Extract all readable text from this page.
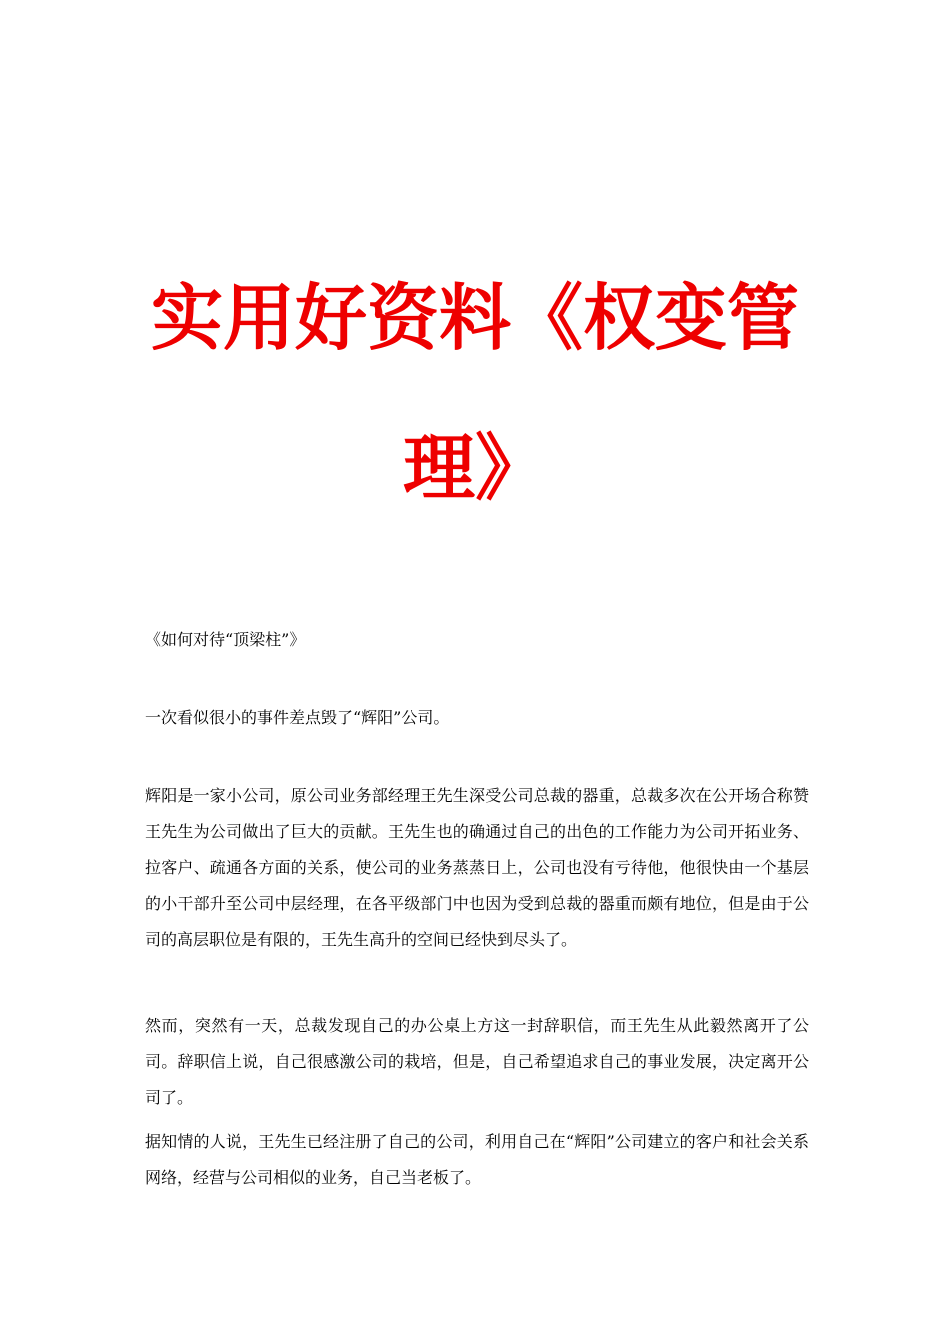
实用好资料《权变管
理》
《如何对待“顶梁柱”》
一次看似很小的事件差点毁了“辉阳”公司。
辉阳是一家小公司，原公司业务部经理王先生深受公司总裁的器重，总裁多次在公开场合称赞王先生为公司做出了巨大的贡献。王先生也的确通过自己的出色的工作能力为公司开拓业务、拉客户、疏通各方面的关系，使公司的业务蒸蒸日上，公司也没有亏待他，他很快由一个基层的小干部升至公司中层经理，在各平级部门中也因为受到总裁的器重而颇有地位，但是由于公司的高层职位是有限的，王先生高升的空间已经快到尽头了。
然而，突然有一天，总裁发现自己的办公桌上方这一封辞职信，而王先生从此毅然离开了公司。辞职信上说，自己很感激公司的栽培，但是，自己希望追求自己的事业发展，决定离开公司了。
据知情的人说，王先生已经注册了自己的公司，利用自己在“辉阳”公司建立的客户和社会关系网络，经营与公司相似的业务，自己当老板了。
